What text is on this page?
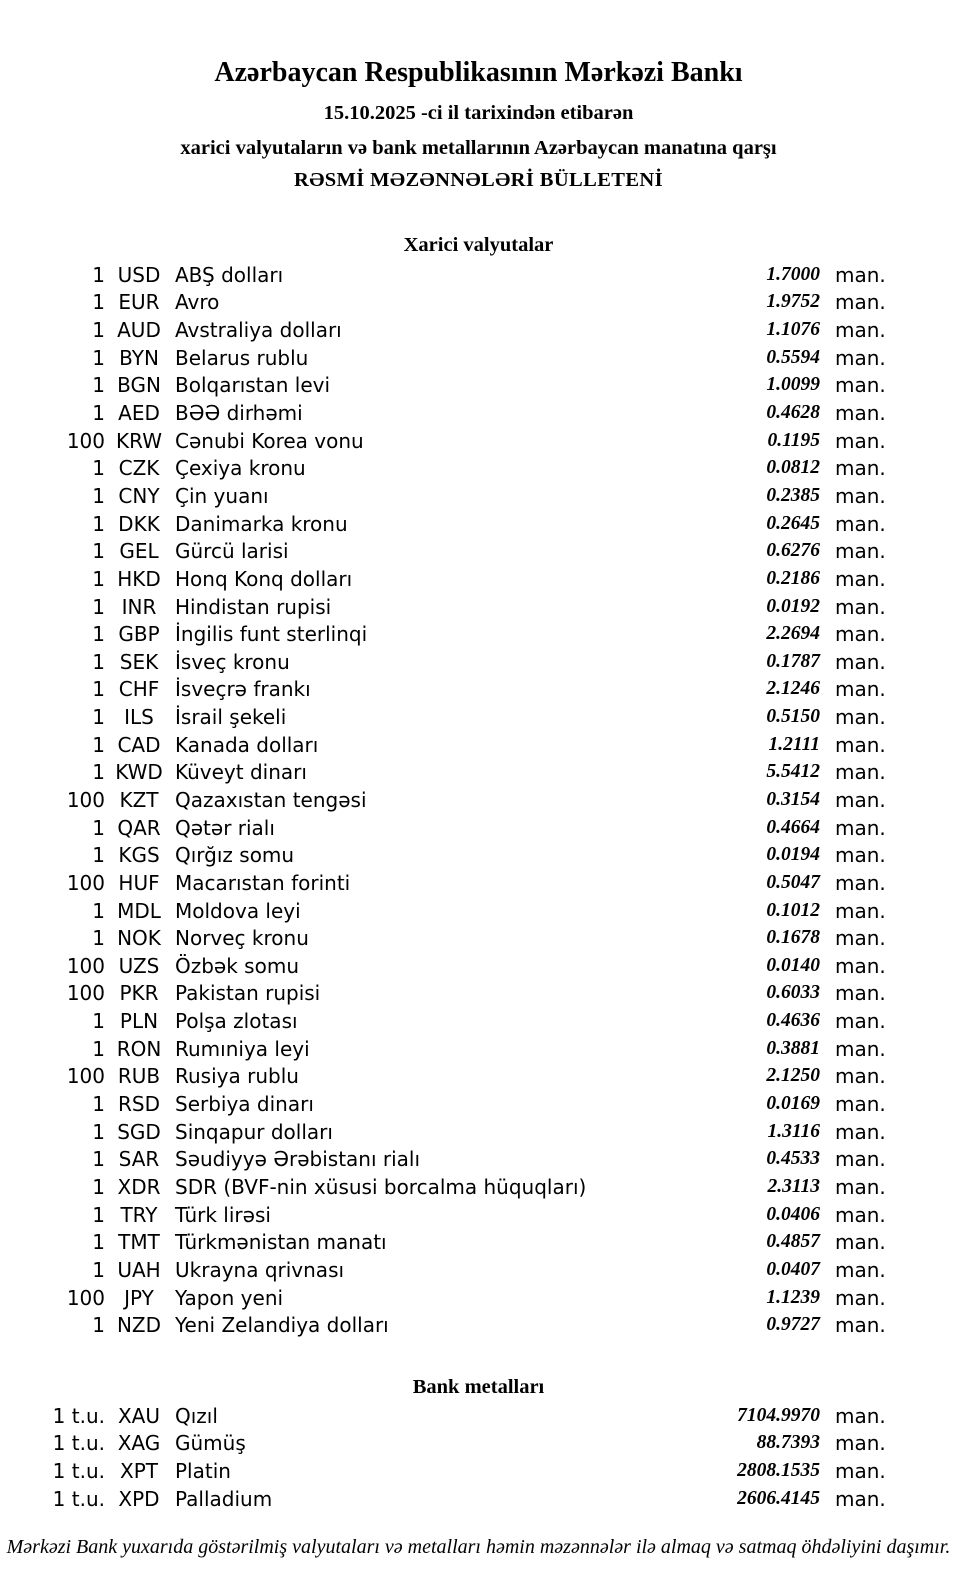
Azərbaycan Respublikasının Mərkəzi Bankı
15.10.2025 -ci il tarixindən etibarən
xarici valyutaların və bank metallarının Azərbaycan manatına qarşı
RƏSMİ MƏZƏNNƏLƏRİ BÜLLETENİ
Xarici valyutalar
1 USD ABŞ dolları	1.7000 man.
1 EUR Avro	1.9752 man.
1 AUD Avstraliya dolları	1.1076 man.
1 BYN Belarus rublu	0.5594 man.
1 BGN Bolqarıstan levi	1.0099 man.
1 AED BƏƏ dirhəmi	0.4628 man.
100 KRW Cənubi Korea vonu	0.1195 man.
1 CZK Çexiya kronu	0.0812 man.
1 CNY Çin yuanı	0.2385 man.
1 DKK Danimarka kronu	0.2645 man.
1 GEL Gürcü larisi	0.6276 man.
1 HKD Honq Konq dolları	0.2186 man.
1 INR Hindistan rupisi	0.0192 man.
1 GBP İngilis funt sterlinqi	2.2694 man.
1 SEK İsveç kronu	0.1787 man.
1 CHF İsveçrə frankı	2.1246 man.
1 ILS	İsrail şekeli	0.5150 man.
1 CAD Kanada dolları	1.2111 man.
1 KWD Küveyt dinarı	5.5412 man.
100 KZT Qazaxıstan tengəsi	0.3154 man.
1 QAR Qətər rialı	0.4664 man.
1 KGS Qırğız somu	0.0194 man.
100 HUF Macarıstan forinti	0.5047 man.
1 MDL Moldova leyi	0.1012 man.
1 NOK Norveç kronu	0.1678 man.
100 UZS Özbək somu	0.0140 man.
100 PKR Pakistan rupisi	0.6033 man.
1 PLN Polşa zlotası	0.4636 man.
1 RON Rumıniya leyi	0.3881 man.
100 RUB Rusiya rublu	2.1250 man.
1 RSD Serbiya dinarı	0.0169 man.
1 SGD Sinqapur dolları	1.3116 man.
1 SAR Səudiyyə Ərəbistanı rialı	0.4533 man.
1 XDR SDR (BVF-nin xüsusi borcalma hüquqları)	2.3113 man.
1 TRY Türk lirəsi	0.0406 man.
1 TMT Türkmənistan manatı	0.4857 man.
1 UAH Ukrayna qrivnası	0.0407 man.
100 JPY	Yapon yeni	1.1239 man.
1 NZD Yeni Zelandiya dolları	0.9727 man.
Bank metalları
1 t.u. XAU Qızıl	7104.9970 man.
1 t.u. XAG Gümüş	88.7393 man.
1 t.u. XPT Platin	2808.1535 man.
1 t.u. XPD Palladium	2606.4145 man.
Mərkəzi Bank yuxarıda göstərilmiş valyutaları və metalları həmin məzənnələr ilə almaq və satmaq öhdəliyini daşımır.
